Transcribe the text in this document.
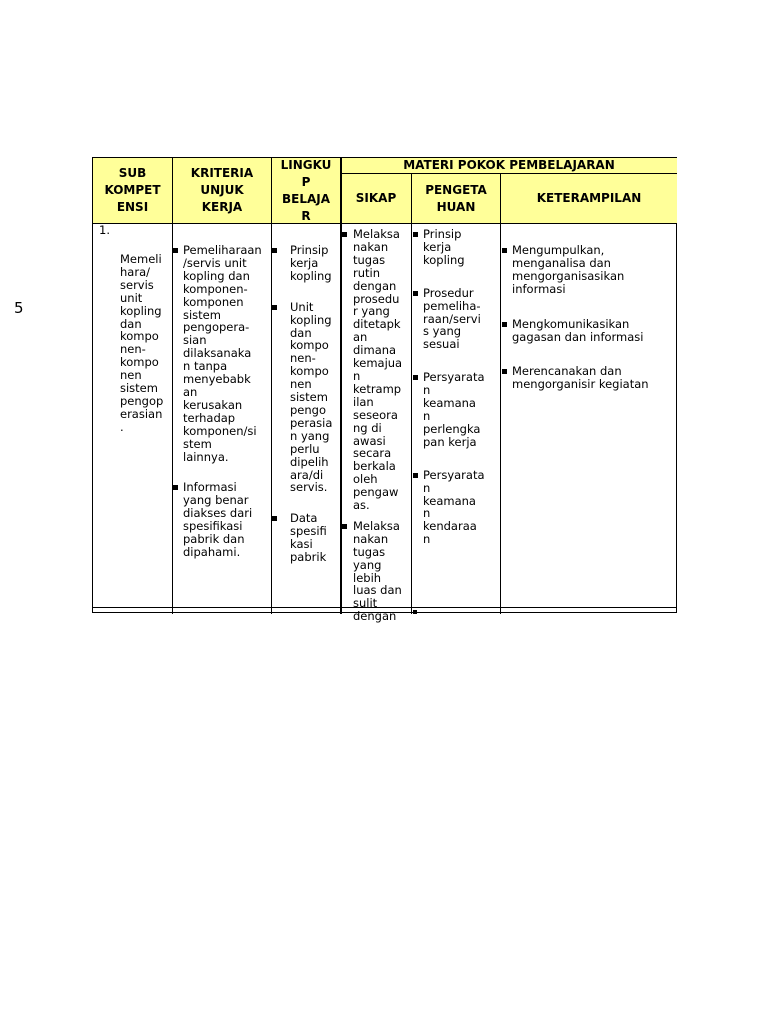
5
SUB
KOMPET
ENSI
KRITERIA
UNJUK
KERJA
LINGKU
P
BELAJA
R
MATERI POKOK PEMBELAJARAN
SIKAP
PENGETA
HUAN
KETERAMPILAN
1.
Memeli
hara/
servis
unit
kopling
dan
kompo
nen-
kompo
nen
sistem
pengop
erasian
.
Pemeliharaan
/servis unit
kopling dan
komponen-
komponen
sistem
pengopera-
sian
dilaksanaka
n tanpa
menyebabk
an
kerusakan
terhadap
komponen/si
stem
lainnya.
Informasi
yang benar
diakses dari
spesifikasi
pabrik dan
dipahami.
Prinsip
kerja
kopling
Unit
kopling
dan
kompo
nen-
kompo
nen
sistem
pengo
perasia
n yang
perlu
dipelih
ara/di
servis.
Data
spesifi
kasi
pabrik
Melaksa
nakan
tugas
rutin
dengan
prosedu
r yang
ditetapk
an
dimana
kemajua
n
ketramp
ilan
seseora
ng di
awasi
secara
berkala
oleh
pengaw
as.
Melaksa
nakan
tugas
yang
lebih
luas dan
sulit
dengan
Prinsip
kerja
kopling
Prosedur
pemeliha-
raan/servi
s yang
sesuai
Persyarata
n
keamana
n
perlengka
pan kerja
Persyarata
n
keamana
n
kendaraa
n
Mengumpulkan,
menganalisa dan
mengorganisasikan
informasi
Mengkomunikasikan
gagasan dan informasi
Merencanakan dan
mengorganisir kegiatan
